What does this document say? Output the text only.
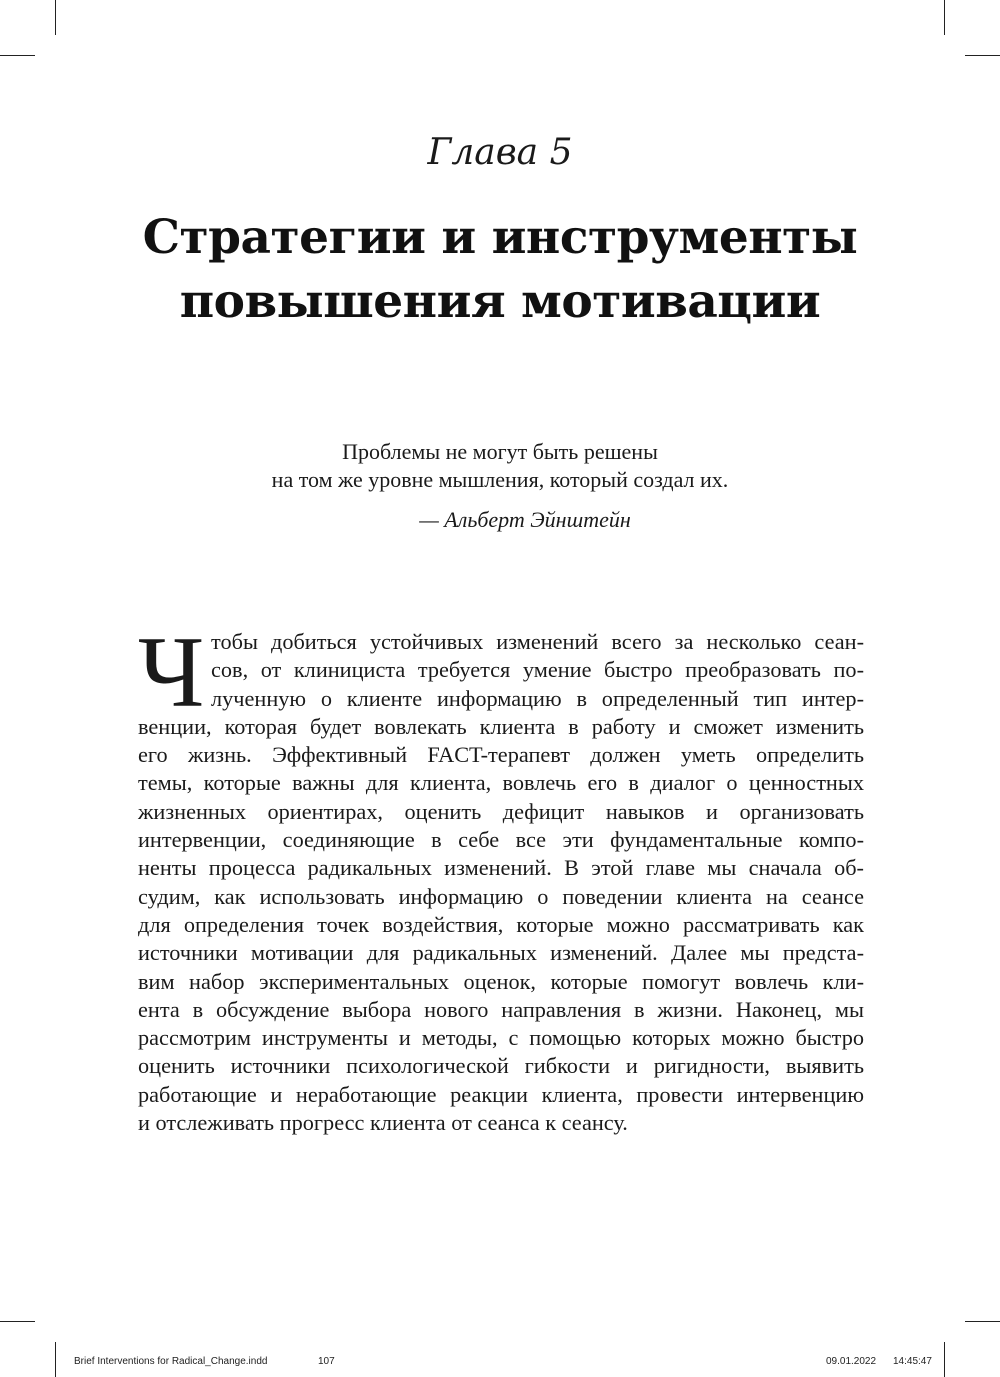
Глава 5
Стратегии и инструменты
повышения мотивации
Проблемы не могут быть решены
на том же уровне мышления, который создал их.
— Альберт Эйнштейн
Ч тобы добиться устойчивых изменений всего за несколько сеан-
сов, от клинициста требуется умение быстро преобразовать по-
лученную о клиенте информацию в определенный тип интер-
венции, которая будет вовлекать клиента в работу и сможет изменить
его жизнь. Эффективный FACT-терапевт должен уметь определить
темы, которые важны для клиента, вовлечь его в диалог о ценностных
жизненных ориентирах, оценить дефицит навыков и организовать
интервенции, соединяющие в себе все эти фундаментальные компо-
ненты процесса радикальных изменений. В этой главе мы сначала об-
судим, как использовать информацию о поведении клиента на сеансе
для определения точек воздействия, которые можно рассматривать как
источники мотивации для радикальных изменений. Далее мы предста-
вим набор экспериментальных оценок, которые помогут вовлечь кли-
ента в обсуждение выбора нового направления в жизни. Наконец, мы
рассмотрим инструменты и методы, с помощью которых можно быстро
оценить источники психологической гибкости и ригидности, выявить
работающие и неработающие реакции клиента, провести интервенцию
и отслеживать прогресс клиента от сеанса к сеансу.
Brief Interventions for Radical_Change.indd	107	09.01.2022 14:45:47
